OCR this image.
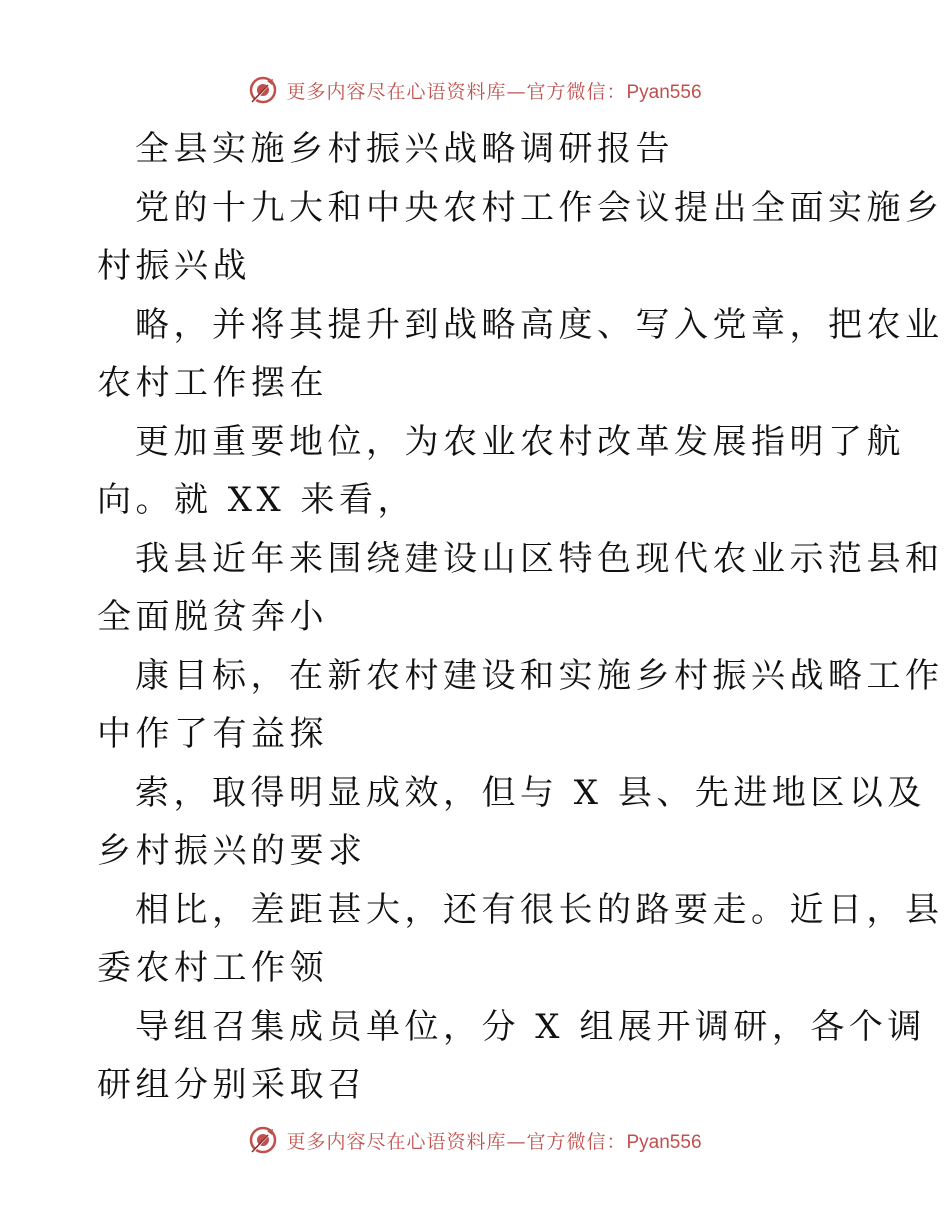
更多内容尽在心语资料库—官方微信：Pyan556
全县实施乡村振兴战略调研报告
党的十九大和中央农村工作会议提出全面实施乡
村振兴战
略，并将其提升到战略高度、写入党章，把农业
农村工作摆在
更加重要地位，为农业农村改革发展指明了航
向。就 XX 来看，
我县近年来围绕建设山区特色现代农业示范县和
全面脱贫奔小
康目标，在新农村建设和实施乡村振兴战略工作
中作了有益探
索，取得明显成效，但与 X 县、先进地区以及
乡村振兴的要求
相比，差距甚大，还有很长的路要走。近日，县
委农村工作领
导组召集成员单位，分 X 组展开调研，各个调
研组分别采取召
更多内容尽在心语资料库—官方微信：Pyan556
